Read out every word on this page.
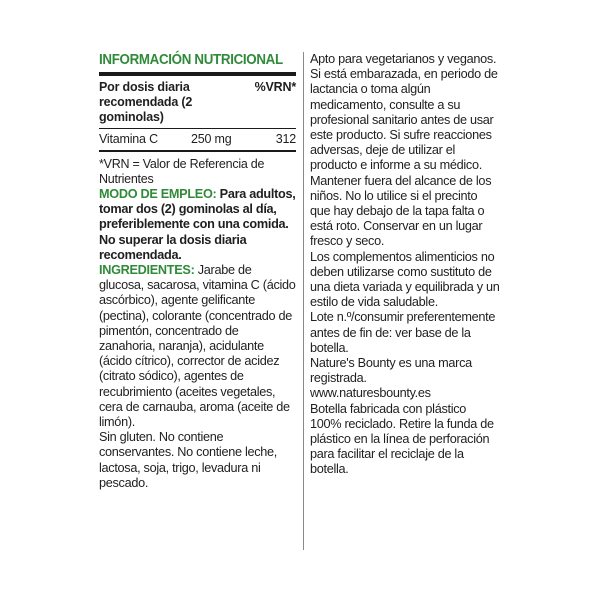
INFORMACIÓN NUTRICIONAL
Por dosis diaria recomendada (2 gominolas)
%VRN*
Vitamina C	250 mg	312
*VRN = Valor de Referencia de Nutrientes

MODO DE EMPLEO: Para adultos, tomar dos (2) gominolas al día, preferiblemente con una comida. No superar la dosis diaria recomendada.

INGREDIENTES: Jarabe de glucosa, sacarosa, vitamina C (ácido ascórbico), agente gelificante (pectina), colorante (concentrado de pimentón, concentrado de zanahoria, naranja), acidulante (ácido cítrico), corrector de acidez (citrato sódico), agentes de recubrimiento (aceites vegetales, cera de carnauba, aroma (aceite de limón).

Sin gluten. No contiene conservantes. No contiene leche, lactosa, soja, trigo, levadura ni pescado.

Apto para vegetarianos y veganos.

Si está embarazada, en periodo de lactancia o toma algún medicamento, consulte a su profesional sanitario antes de usar este producto. Si sufre reacciones adversas, deje de utilizar el producto e informe a su médico.

Mantener fuera del alcance de los niños. No lo utilice si el precinto que hay debajo de la tapa falta o está roto. Conservar en un lugar fresco y seco.

Los complementos alimenticios no deben utilizarse como sustituto de una dieta variada y equilibrada y un estilo de vida saludable.

Lote n.º/consumir preferentemente antes de fin de: ver base de la botella.

Nature's Bounty es una marca registrada.

www.naturesbounty.es

Botella fabricada con plástico 100% reciclado. Retire la funda de plástico en la línea de perforación para facilitar el reciclaje de la botella.
